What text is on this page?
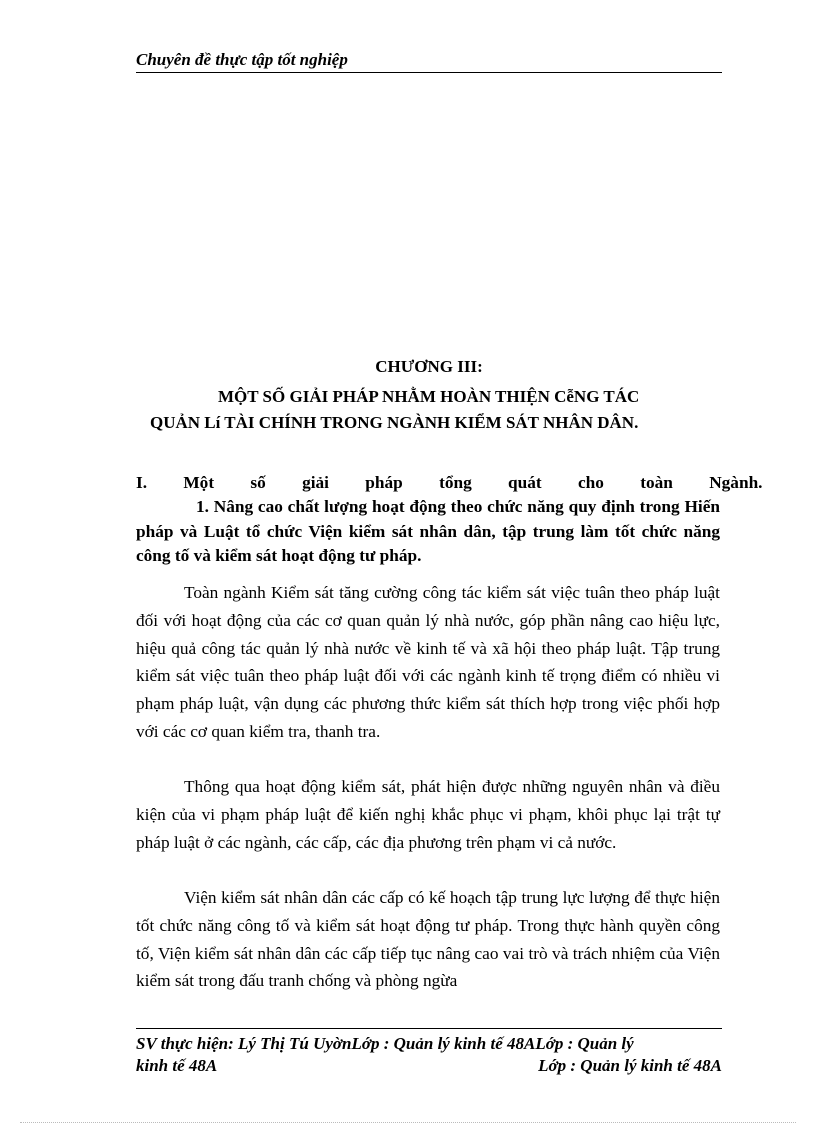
Chuyên đề thực tập tốt nghiệp
CHƯƠNG III:
MỘT SỐ GIẢI PHÁP NHẰM HOÀN THIỆN CễNG TÁC
QUẢN Lí TÀI CHÍNH TRONG NGÀNH KIỂM SÁT NHÂN DÂN.
I. Một số giải pháp tổng quát cho toàn Ngành.
1. Nâng cao chất lượng hoạt động theo chức năng quy định trong Hiến pháp và Luật tổ chức Viện kiểm sát nhân dân, tập trung làm tốt chức năng công tố và kiểm sát hoạt động tư pháp.
Toàn ngành Kiểm sát tăng cường công tác kiểm sát việc tuân theo pháp luật đối với hoạt động của các cơ quan quản lý nhà nước, góp phần nâng cao hiệu lực, hiệu quả công tác quản lý nhà nước về kinh tế và xã hội theo pháp luật. Tập trung kiểm sát việc tuân theo pháp luật đối với các ngành kinh tế trọng điểm có nhiều vi phạm pháp luật, vận dụng các phương thức kiểm sát thích hợp trong việc phối hợp với các cơ quan kiểm tra, thanh tra.
Thông qua hoạt động kiểm sát, phát hiện được những nguyên nhân và điều kiện của vi phạm pháp luật để kiến nghị khắc phục vi phạm, khôi phục lại trật tự pháp luật ở các ngành, các cấp, các địa phương trên phạm vi cả nước.
Viện kiểm sát nhân dân các cấp có kế hoạch tập trung lực lượng để thực hiện tốt chức năng công tố và kiểm sát hoạt động tư pháp. Trong thực hành quyền công tố, Viện kiểm sát nhân dân các cấp tiếp tục nâng cao vai trò và trách nhiệm của Viện kiểm sát trong đấu tranh chống và phòng ngừa
SV thực hiện: Lý Thị Tú UyờnLớp : Quản lý kinh tế 48ALớp : Quản lý
kinh tế 48A	Lớp : Quản lý kinh tế 48A
